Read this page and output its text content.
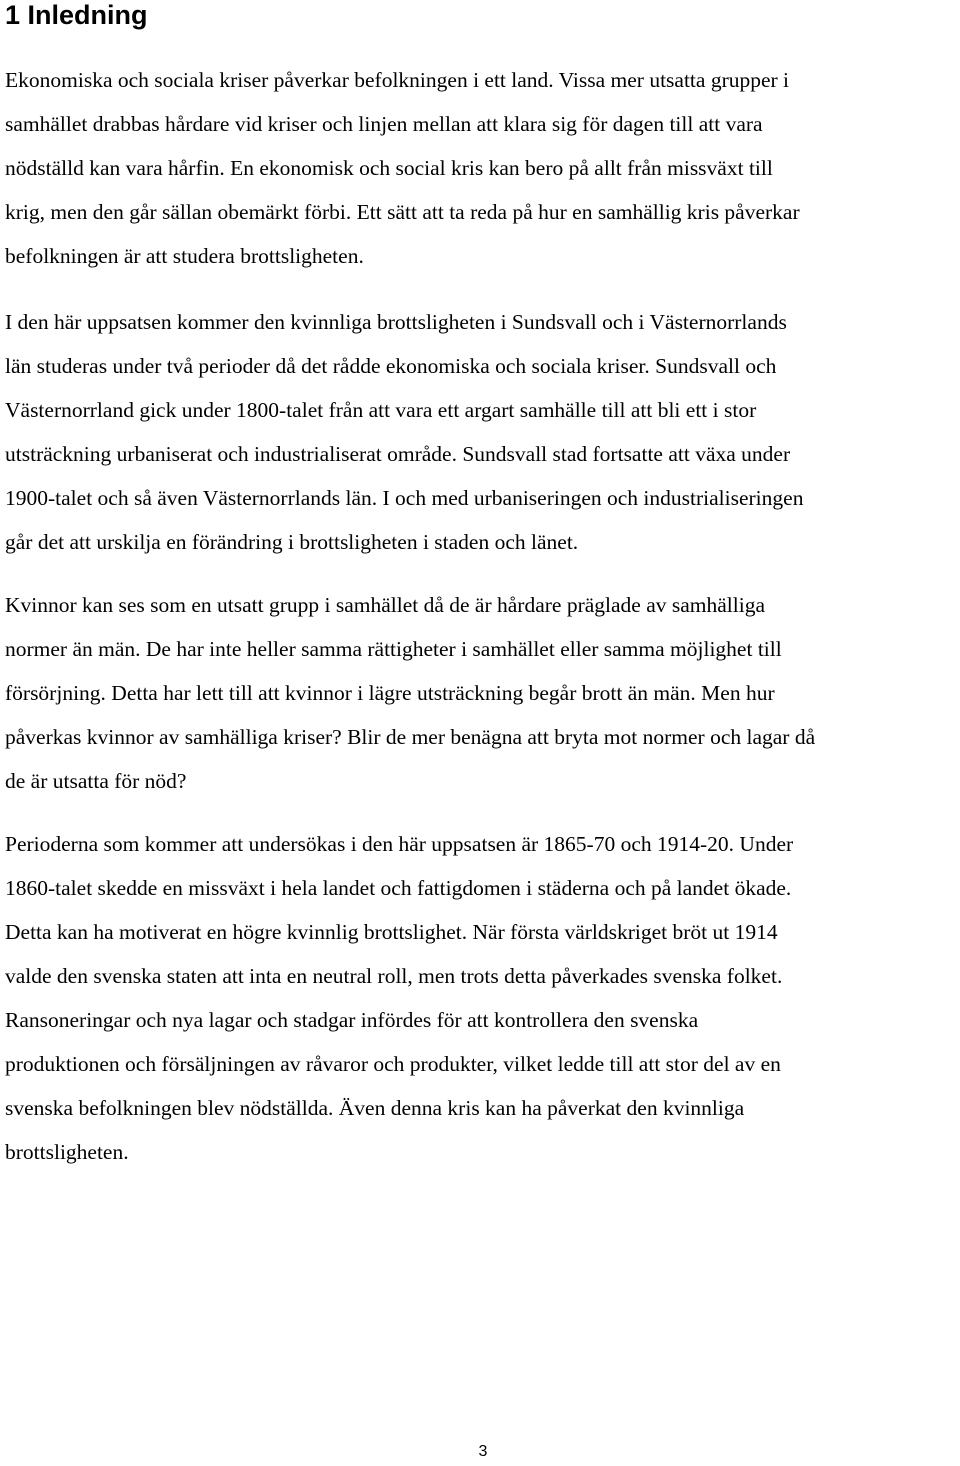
1 Inledning
Ekonomiska och sociala kriser påverkar befolkningen i ett land. Vissa mer utsatta grupper i
samhället drabbas hårdare vid kriser och linjen mellan att klara sig för dagen till att vara
nödställd kan vara hårfin. En ekonomisk och social kris kan bero på allt från missväxt till
krig, men den går sällan obemärkt förbi. Ett sätt att ta reda på hur en samhällig kris påverkar
befolkningen är att studera brottsligheten.
I den här uppsatsen kommer den kvinnliga brottsligheten i Sundsvall och i Västernorrlands
län studeras under två perioder då det rådde ekonomiska och sociala kriser. Sundsvall och
Västernorrland gick under 1800-talet från att vara ett argart samhälle till att bli ett i stor
utsträckning urbaniserat och industrialiserat område. Sundsvall stad fortsatte att växa under
1900-talet och så även Västernorrlands län. I och med urbaniseringen och industrialiseringen
går det att urskilja en förändring i brottsligheten i staden och länet.
Kvinnor kan ses som en utsatt grupp i samhället då de är hårdare präglade av samhälliga
normer än män. De har inte heller samma rättigheter i samhället eller samma möjlighet till
försörjning. Detta har lett till att kvinnor i lägre utsträckning begår brott än män. Men hur
påverkas kvinnor av samhälliga kriser? Blir de mer benägna att bryta mot normer och lagar då
de är utsatta för nöd?
Perioderna som kommer att undersökas i den här uppsatsen är 1865-70 och 1914-20. Under
1860-talet skedde en missväxt i hela landet och fattigdomen i städerna och på landet ökade.
Detta kan ha motiverat en högre kvinnlig brottslighet. När första världskriget bröt ut 1914
valde den svenska staten att inta en neutral roll, men trots detta påverkades svenska folket.
Ransoneringar och nya lagar och stadgar infördes för att kontrollera den svenska
produktionen och försäljningen av råvaror och produkter, vilket ledde till att stor del av en
svenska befolkningen blev nödställda. Även denna kris kan ha påverkat den kvinnliga
brottsligheten.
3
